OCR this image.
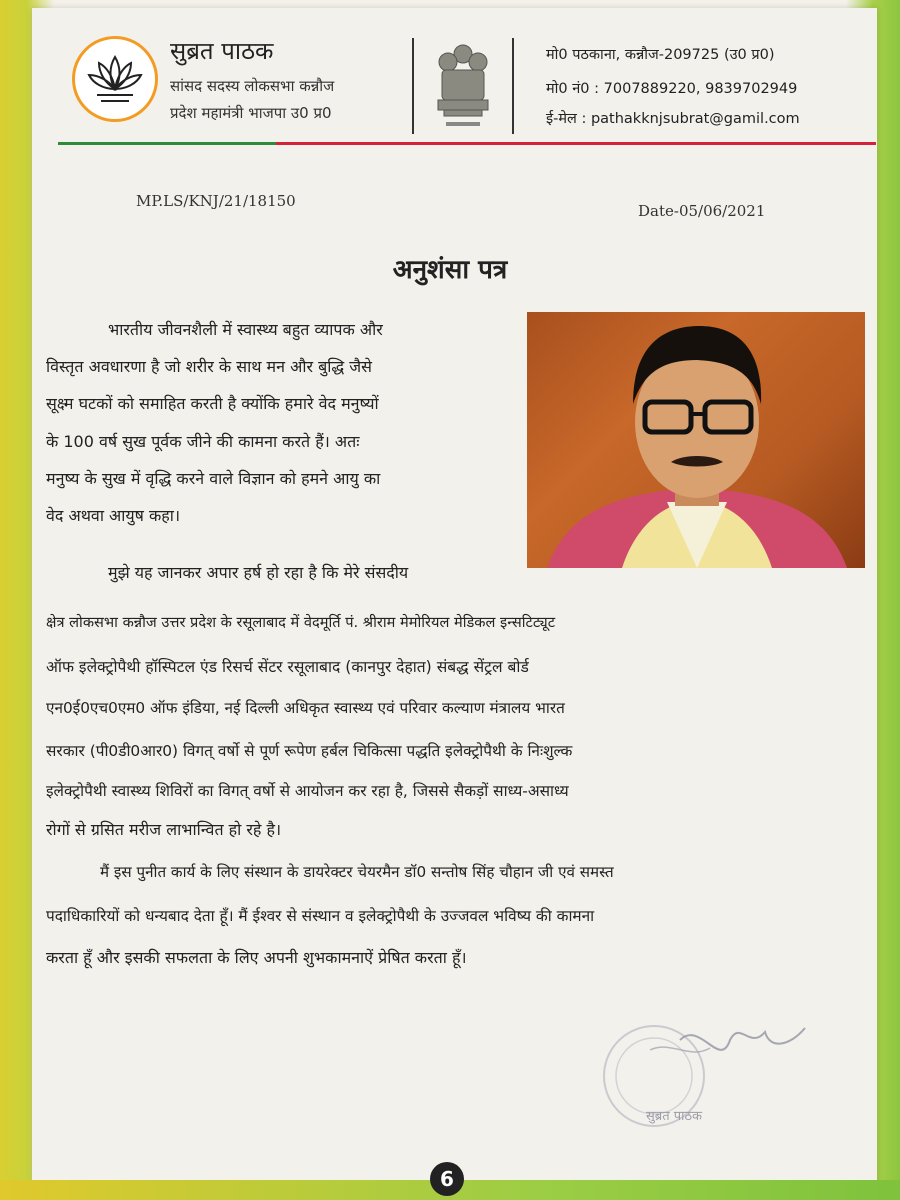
सुब्रत पाठक
सांसद सदस्य लोकसभा कन्नौज
प्रदेश महामंत्री भाजपा उ0 प्र0
मो0 पठकाना, कन्नौज-209725 (उ0 प्र0)
मो0 नं0 : 7007889220, 9839702949
ई-मेल : pathakknjsubrat@gamil.com
MP.LS/KNJ/21/18150
Date-05/06/2021
अनुशंसा पत्र
भारतीय जीवनशैली में स्वास्थ्य बहुत व्यापक और
विस्तृत अवधारणा है जो शरीर के साथ मन और बुद्धि जैसे
सूक्ष्म घटकों को समाहित करती है क्योंकि हमारे वेद मनुष्यों
के 100 वर्ष सुख पूर्वक जीने की कामना करते हैं। अतः
मनुष्य के सुख में वृद्धि करने वाले विज्ञान को हमने आयु का
वेद अथवा आयुष कहा।
मुझे यह जानकर अपार हर्ष हो रहा है कि मेरे संसदीय
क्षेत्र लोकसभा कन्नौज उत्तर प्रदेश के रसूलाबाद में वेदमूर्ति पं. श्रीराम मेमोरियल मेडिकल इन्सटिट्यूट
ऑफ इलेक्ट्रोपैथी हॉस्पिटल एंड रिसर्च सेंटर रसूलाबाद (कानपुर देहात) संबद्ध सेंट्रल बोर्ड
एन0ई0एच0एम0 ऑफ इंडिया, नई दिल्ली अधिकृत स्वास्थ्य एवं परिवार कल्याण मंत्रालय भारत
सरकार (पी0डी0आर0) विगत् वर्षो से पूर्ण रूपेण हर्बल चिकित्सा पद्धति इलेक्ट्रोपैथी के निःशुल्क
इलेक्ट्रोपैथी स्वास्थ्य शिविरों का विगत् वर्षो से आयोजन कर रहा है, जिससे सैकड़ों साध्य-असाध्य
रोगों से ग्रसित मरीज लाभान्वित हो रहे है।
मैं इस पुनीत कार्य के लिए संस्थान के डायरेक्टर चेयरमैन डॉ0 सन्तोष सिंह चौहान जी एवं समस्त
पदाधिकारियों को धन्यबाद देता हूँ। मैं ईश्वर से संस्थान व इलेक्ट्रोपैथी के उज्जवल भविष्य की कामना
करता हूँ और इसकी सफलता के लिए अपनी शुभकामनाऐं प्रेषित करता हूँ।
सुब्रत पाठक
6
